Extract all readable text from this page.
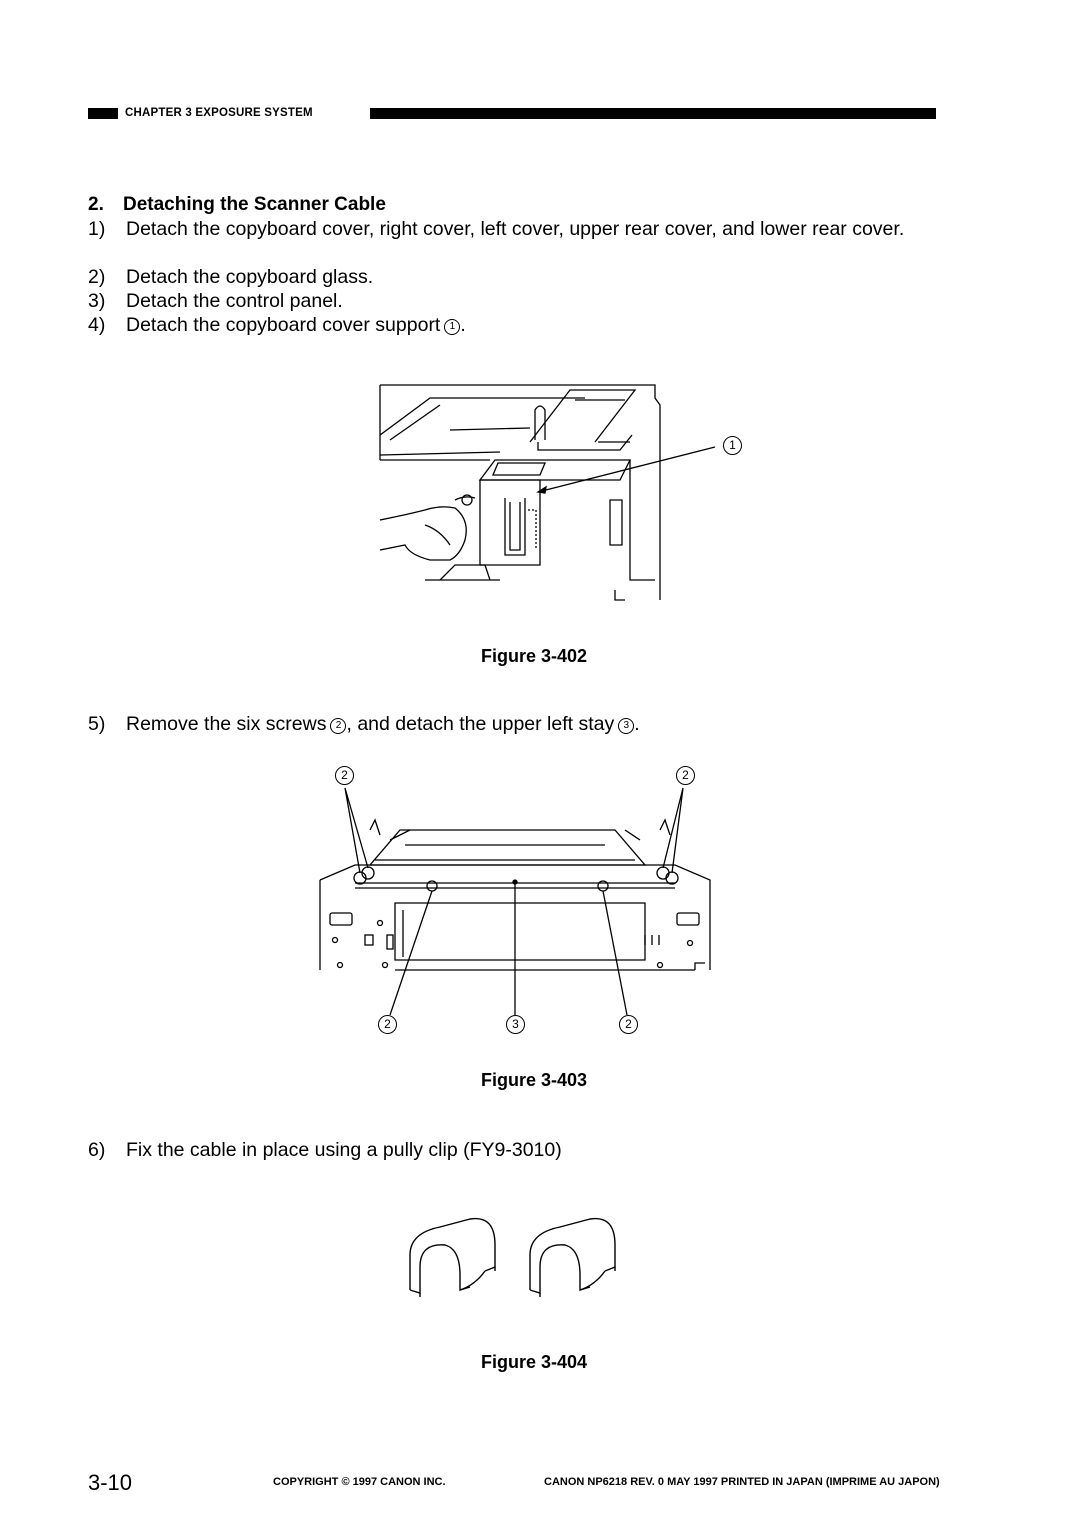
CHAPTER 3 EXPOSURE SYSTEM
2. Detaching the Scanner Cable
1) Detach the copyboard cover, right cover, left cover, upper rear cover, and lower rear cover.
2) Detach the copyboard glass.
3) Detach the control panel.
4) Detach the copyboard cover support 1 .
1
Figure 3-402
5) Remove the six screws 2 , and detach the upper left stay 3 .
2	2
2	3	2
Figure 3-403
6) Fix the cable in place using a pully clip (FY9-3010)
Figure 3-404
3-10	COPYRIGHT © 1997 CANON INC.	CANON NP6218 REV. 0 MAY 1997 PRINTED IN JAPAN (IMPRIME AU JAPON)
